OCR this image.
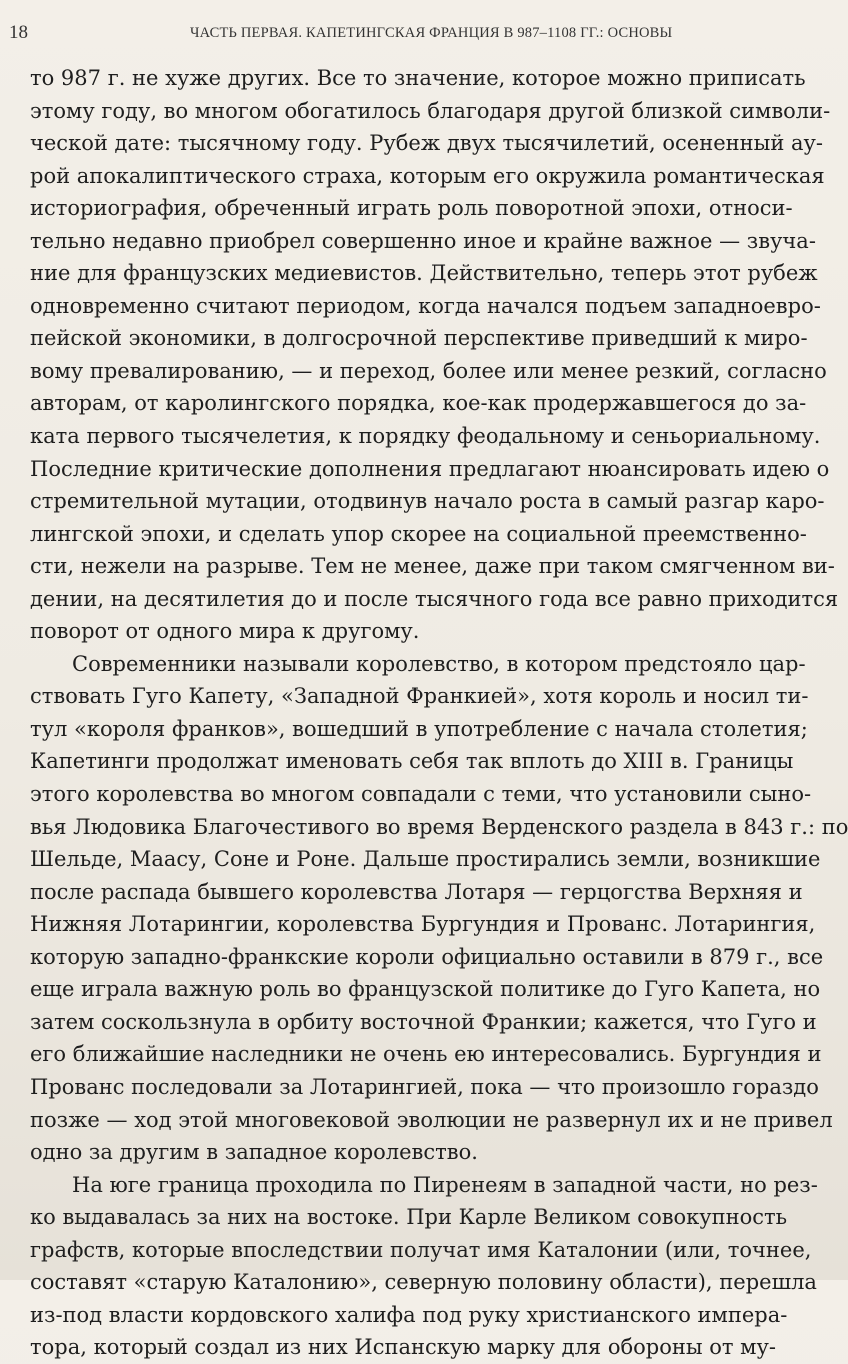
18	ЧАСТЬ ПЕРВАЯ. КАПЕТИНГСКАЯ ФРАНЦИЯ В 987–1108 ГГ.: ОСНОВЫ
то 987 г. не хуже других. Все то значение, которое можно приписать
этому году, во многом обогатилось благодаря другой близкой символи-
ческой дате: тысячному году. Рубеж двух тысячилетий, осененный ау-
рой апокалиптического страха, которым его окружила романтическая
историография, обреченный играть роль поворотной эпохи, относи-
тельно недавно приобрел совершенно иное и крайне важное — звуча-
ние для французских медиевистов. Действительно, теперь этот рубеж
одновременно считают периодом, когда начался подъем западноевро-
пейской экономики, в долгосрочной перспективе приведший к миро-
вому превалированию, — и переход, более или менее резкий, согласно
авторам, от каролингского порядка, кое-как продержавшегося до за-
ката первого тысячелетия, к порядку феодальному и сеньориальному.
Последние критические дополнения предлагают нюансировать идею о
стремительной мутации, отодвинув начало роста в самый разгар каро-
лингской эпохи, и сделать упор скорее на социальной преемственно-
сти, нежели на разрыве. Тем не менее, даже при таком смягченном ви-
дении, на десятилетия до и после тысячного года все равно приходится
поворот от одного мира к другому.
Современники называли королевство, в котором предстояло цар-
ствовать Гуго Капету, «Западной Франкией», хотя король и носил ти-
тул «короля франков», вошедший в употребление с начала столетия;
Капетинги продолжат именовать себя так вплоть до XIII в. Границы
этого королевства во многом совпадали с теми, что установили сыно-
вья Людовика Благочестивого во время Верденского раздела в 843 г.: по
Шельде, Маасу, Соне и Роне. Дальше простирались земли, возникшие
после распада бывшего королевства Лотаря — герцогства Верхняя и
Нижняя Лотарингии, королевства Бургундия и Прованс. Лотарингия,
которую западно-франкские короли официально оставили в 879 г., все
еще играла важную роль во французской политике до Гуго Капета, но
затем соскользнула в орбиту восточной Франкии; кажется, что Гуго и
его ближайшие наследники не очень ею интересовались. Бургундия и
Прованс последовали за Лотарингией, пока — что произошло гораздо
позже — ход этой многовековой эволюции не развернул их и не привел
одно за другим в западное королевство.
На юге граница проходила по Пиренеям в западной части, но рез-
ко выдавалась за них на востоке. При Карле Великом совокупность
графств, которые впоследствии получат имя Каталонии (или, точнее,
составят «старую Каталонию», северную половину области), перешла
из-под власти кордовского халифа под руку христианского импера-
тора, который создал из них Испанскую марку для обороны от му-
